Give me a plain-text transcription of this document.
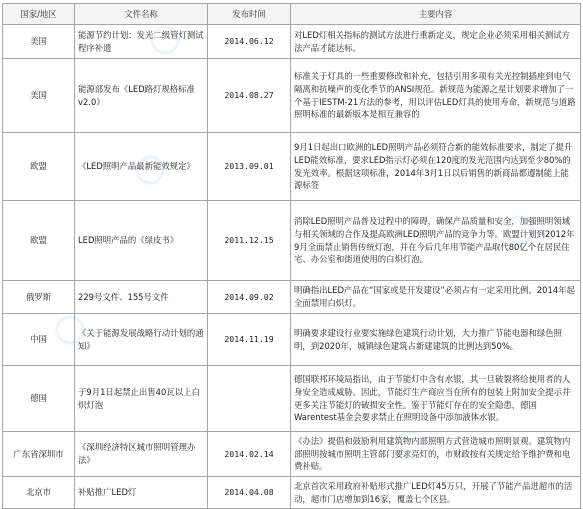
国家/地区	文件名称	发布时间	主要内容
美国	能源节约计划：发光二级管灯测试程序补遗	2014.06.12	对LED灯相关指标的测试方法进行重新定义，规定企业必须采用相关测试方法产品才能达标。
美国	能源部发布《LED路灯规格标准v2.0》	2014.08.27	标准关于灯具的一些重要修改和补充，包括引用多项有关光控制插座到电气隔离和抗噪声的变化季节的ANSI规范。新规范为能源之星计划要求增加了一个基于IESTM-21方法的参考，用以评估LED灯具的使用寿命，新规范与道路照明标准的最新版本是相互兼容的
欧盟	《LED照明产品最新能效规定》	2013.09.01	9月1日起出口欧洲的LED照明产品必须符合新的能效标准要求，制定了提升LED能效标准，要求LED指示灯必须在120度的发光范围内达到至少80%的发光效率。根据这项标准，2014年3月1日以后销售的新商品都遵制能上能源标签
欧盟	LED照明产品的《绿皮书》	2011.12.15	消除LED照明产品普及过程中的障碍，确保产品质量和安全，加强照明领域与相关领域的合作及提高欧洲LED照明产品的竞争力等。欧盟计划到2012年9月全面禁止销售传统灯泡，并在今后几年用节能产品取代80亿个在居民住宅、办公室和街道使用的白炽灯泡。
俄罗斯	229号文件、155号文件	2014.09.02	明确指出LED产品在“国家或是开发建设”必须占有一定采用比例。2014年起全面禁用白炽灯。
中国	《关于能源发展战略行动计划的通知》	2014.11.19	明确要求建设行业要实施绿色建筑行动计划，大力推广节能电器和绿色照明，到2020年，城镇绿色建筑占新建建筑的比例达到50%。
德国	于9月1日起禁止出售40瓦以上白炽灯泡		德国联邦环境局指出，由于节能灯中含有水银，其一旦破裂将给使用者的人身安全造成威胁。因此，节能灯生产商应当在所有的包装上附加安全提示并更多关注节能灯的破损安全性。鉴于节能灯存在的安全隐患，德国Warentest基金会要求禁止在照明设备中添加液体水银。
广东省深圳市	《深圳经济特区城市照明管理办法》	2014.02.14	《办法》提倡和鼓励利用建筑物内部照明方式营造城市照明景观。建筑物内部照明按城市照明主管部门要求亮灯的，市财政按有关规定给予维护费和电费补贴。
北京市	补贴推广LED灯	2014.04.08	北京首次采用政府补贴形式推广LED灯45万只，开展了节能产品进超市的活动，超市门店增加到16家，覆盖七个区县。
